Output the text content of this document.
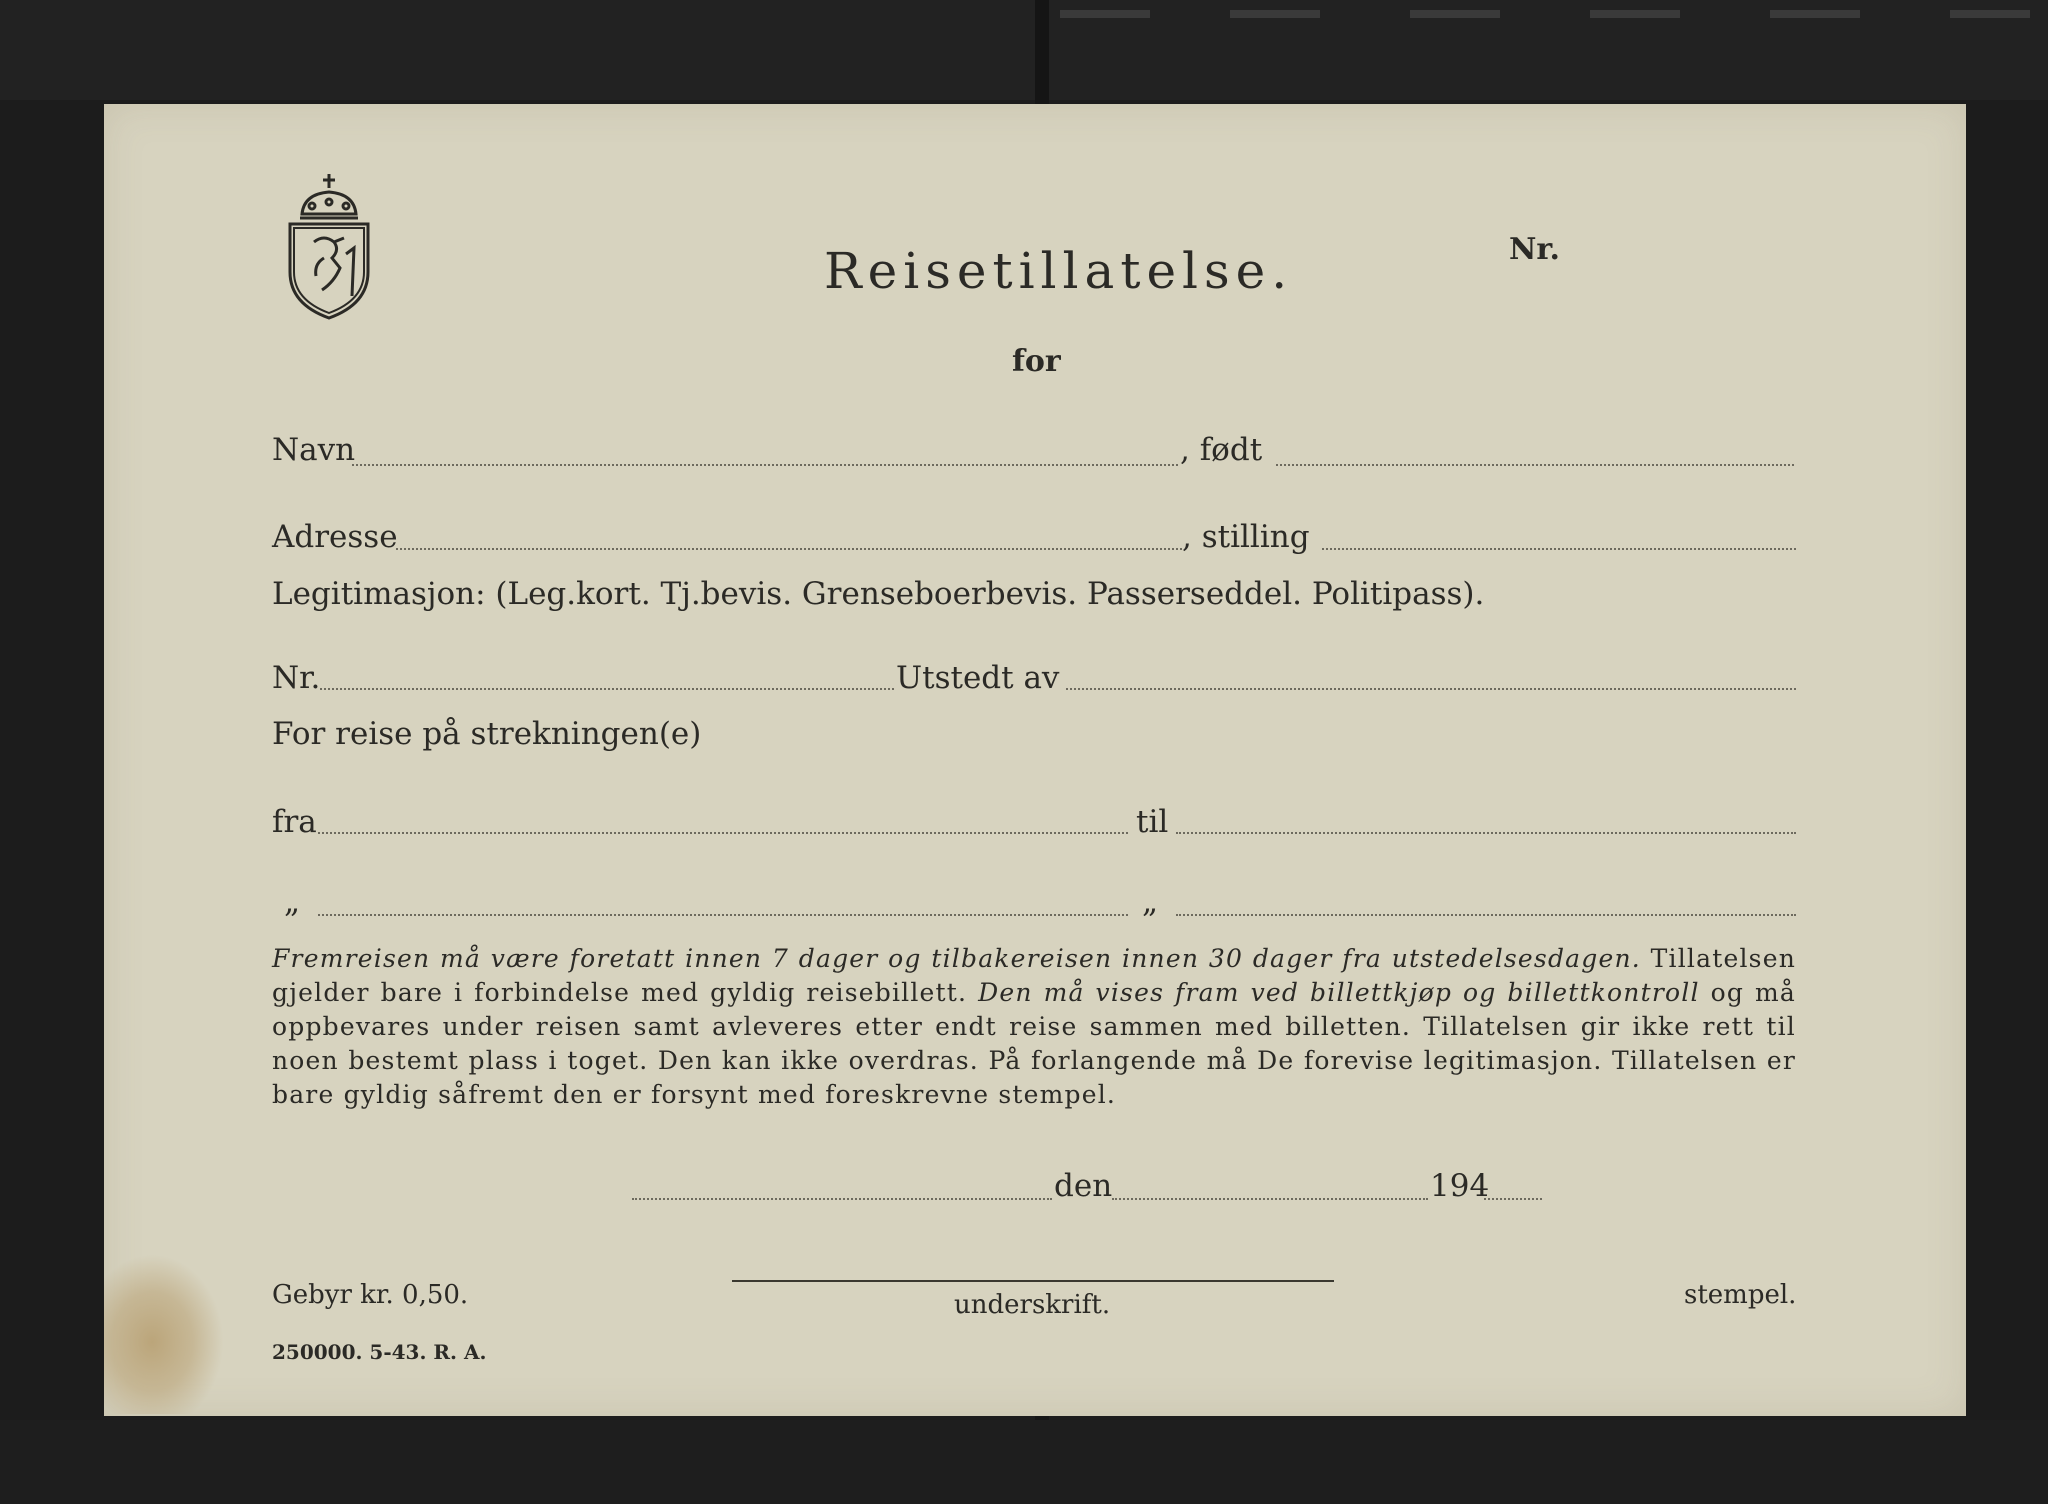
Reisetillatelse.	Nr.
for
Navn	, født
Adresse	, stilling
Legitimasjon: (Leg.kort. Tj.bevis. Grenseboerbevis. Passerseddel. Politipass).
Nr.	Utstedt av
For reise på strekningen(e)
fra	til
„	„
Fremreisen må være foretatt innen 7 dager og tilbakereisen innen 30 dager fra utstedelsesdagen. Tillatelsen gjelder bare i forbindelse med gyldig reisebillett. Den må vises fram ved billettkjøp og billettkontroll og må oppbevares under reisen samt avleveres etter endt reise sammen med billetten. Tillatelsen gir ikke rett til noen bestemt plass i toget. Den kan ikke overdras. På forlangende må De forevise legitimasjon. Tillatelsen er bare gyldig såfremt den er forsynt med foreskrevne stempel.
den	194
Gebyr kr. 0,50.	underskrift.	stempel.
250000. 5-43. R. A.
